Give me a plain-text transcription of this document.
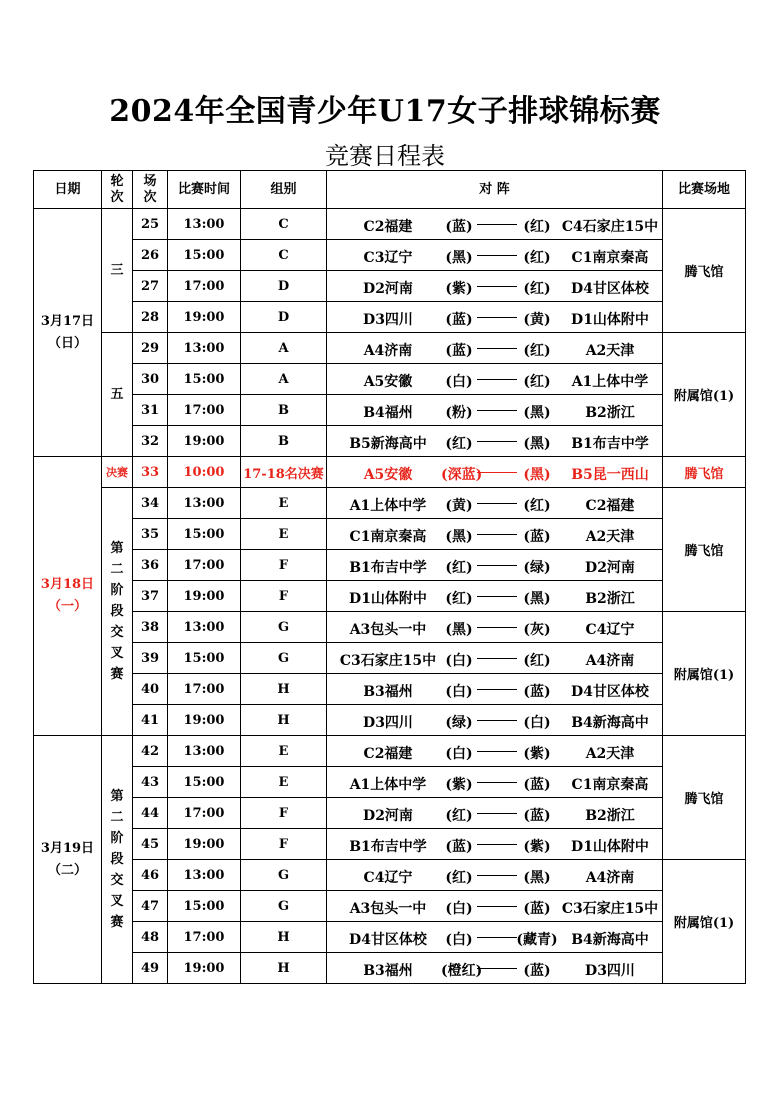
2024年全国青少年U17女子排球锦标赛
竞赛日程表
日期	轮次	场次	比赛时间	组别	对 阵	比赛场地
3月17日（日）	三	25	13:00	C	C2福建 (蓝) (红) C4石家庄15中	腾飞馆
		26	15:00	C	C3辽宁 (黑) (红) C1南京秦高	

		27	17:00	D	D2河南 (紫) (红) D4甘区体校	

		28	19:00	D	D3四川 (蓝) (黄) D1山体附中	

	五	29	13:00	A	A4济南 (蓝) (红) A2天津	附属馆(1)
		30	15:00	A	A5安徽 (白) (红) A1上体中学	

		31	17:00	B	B4福州 (粉) (黑) B2浙江	

		32	19:00	B	B5新海高中 (红) (黑) B1布吉中学	

3月18日（一）	决赛	33	10:00	17-18名决赛	A5安徽 (深蓝) (黑) B5昆一西山	腾飞馆
	第二阶段交叉赛	34	13:00	E	A1上体中学 (黄) (红) C2福建	腾飞馆
		35	15:00	E	C1南京秦高 (黑) (蓝) A2天津	

		36	17:00	F	B1布吉中学 (红) (绿) D2河南	

		37	19:00	F	D1山体附中 (红) (黑) B2浙江	

		38	13:00	G	A3包头一中 (黑) (灰) C4辽宁	附属馆(1)
		39	15:00	G	C3石家庄15中 (白) (红) A4济南	

		40	17:00	H	B3福州 (白) (蓝) D4甘区体校	

		41	19:00	H	D3四川 (绿) (白) B4新海高中	

3月19日（二）	第二阶段交叉赛	42	13:00	E	C2福建 (白) (紫) A2天津	腾飞馆
		43	15:00	E	A1上体中学 (紫) (蓝) C1南京秦高	

		44	17:00	F	D2河南 (红) (蓝) B2浙江	

		45	19:00	F	B1布吉中学 (蓝) (紫) D1山体附中	

		46	13:00	G	C4辽宁 (红) (黑) A4济南	附属馆(1)
		47	15:00	G	A3包头一中 (白) (蓝) C3石家庄15中	

		48	17:00	H	D4甘区体校 (白) (藏青) B4新海高中	

		49	19:00	H	B3福州 (橙红) (蓝) D3四川	
